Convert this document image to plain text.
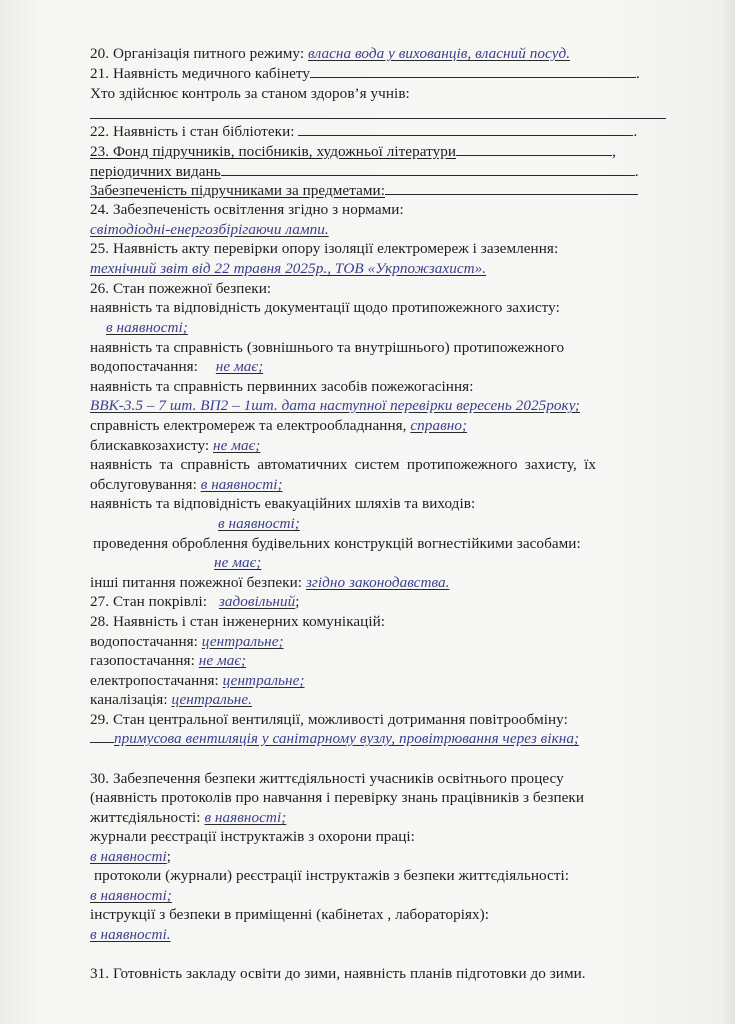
20. Організація питного режиму: власна вода у вихованців, власний посуд.
21. Наявність медичного кабінету	.
Хто здійснює контроль за станом здоров’я учнів:
22. Наявність і стан бібліотеки:	.
23. Фонд підручників, посібників, художньої літератури	,
періодичних видань	.
Забезпеченість підручниками за предметами:
24. Забезпеченість освітлення згідно з нормами:
світодіодні-енергозбірігаючи лампи.
25. Наявність акту перевірки опору ізоляції електромереж і заземлення:
технічний звіт від 22 травня 2025р., ТОВ «Укрпожзахист».
26. Стан пожежної безпеки:
наявність та відповідність документації щодо протипожежного захисту:
в наявності;
наявність та справність (зовнішнього та внутрішнього) протипожежного
водопостачання: не має;
наявність та справність первинних засобів пожежогасіння:
ВВК-3.5 – 7 шт. ВП2 – 1шт. дата наступної перевірки вересень 2025року;
справність електромереж та електрообладнання, справно;
блискавкозахисту: не має;
наявність та справність автоматичних систем протипожежного захисту, їх
обслуговування: в наявності;
наявність та відповідність евакуаційних шляхів та виходів:
в наявності;
проведення оброблення будівельних конструкцій вогнестійкими засобами:
не має;
інші питання пожежної безпеки: згідно законодавства.
27. Стан покрівлі: задовільний;
28. Наявність і стан інженерних комунікацій:
водопостачання: центральне;
газопостачання: не має;
електропостачання: центральне;
каналізація: центральне.
29. Стан центральної вентиляції, можливості дотримання повітрообміну:
примусова вентиляція у санітарному вузлу, провітрювання через вікна;
30. Забезпечення безпеки життєдіяльності учасників освітнього процесу
(наявність протоколів про навчання і перевірку знань працівників з безпеки
життєдіяльності: в наявності;
журнали реєстрації інструктажів з охорони праці:
в наявності;
протоколи (журнали) реєстрації інструктажів з безпеки життєдіяльності:
в наявності;
інструкції з безпеки в приміщенні (кабінетах , лабораторіях):
в наявності.
31. Готовність закладу освіти до зими, наявність планів підготовки до зими.
